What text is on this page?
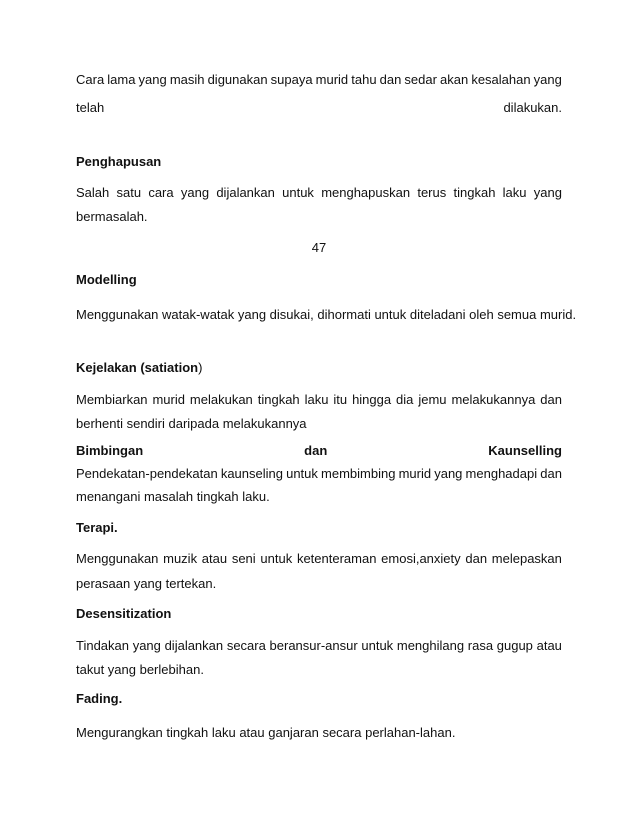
Cara lama yang masih digunakan supaya murid tahu dan sedar akan kesalahan yang
telah	dilakukan.
Penghapusan
Salah satu cara yang dijalankan untuk menghapuskan terus tingkah laku yang
bermasalah.
47
Modelling
Menggunakan watak-watak yang disukai, dihormati untuk diteladani oleh semua murid.
Kejelakan (satiation)
Membiarkan murid melakukan tingkah laku itu hingga dia jemu melakukannya dan
berhenti sendiri daripada melakukannya
Bimbingan	dan	Kaunselling
Pendekatan-pendekatan kaunseling untuk membimbing murid yang menghadapi dan
menangani masalah tingkah laku.
Terapi.
Menggunakan muzik atau seni untuk ketenteraman emosi,anxiety dan melepaskan
perasaan yang tertekan.
Desensitization
Tindakan yang dijalankan secara beransur-ansur untuk menghilang rasa gugup atau
takut yang berlebihan.
Fading.
Mengurangkan tingkah laku atau ganjaran secara perlahan-lahan.
